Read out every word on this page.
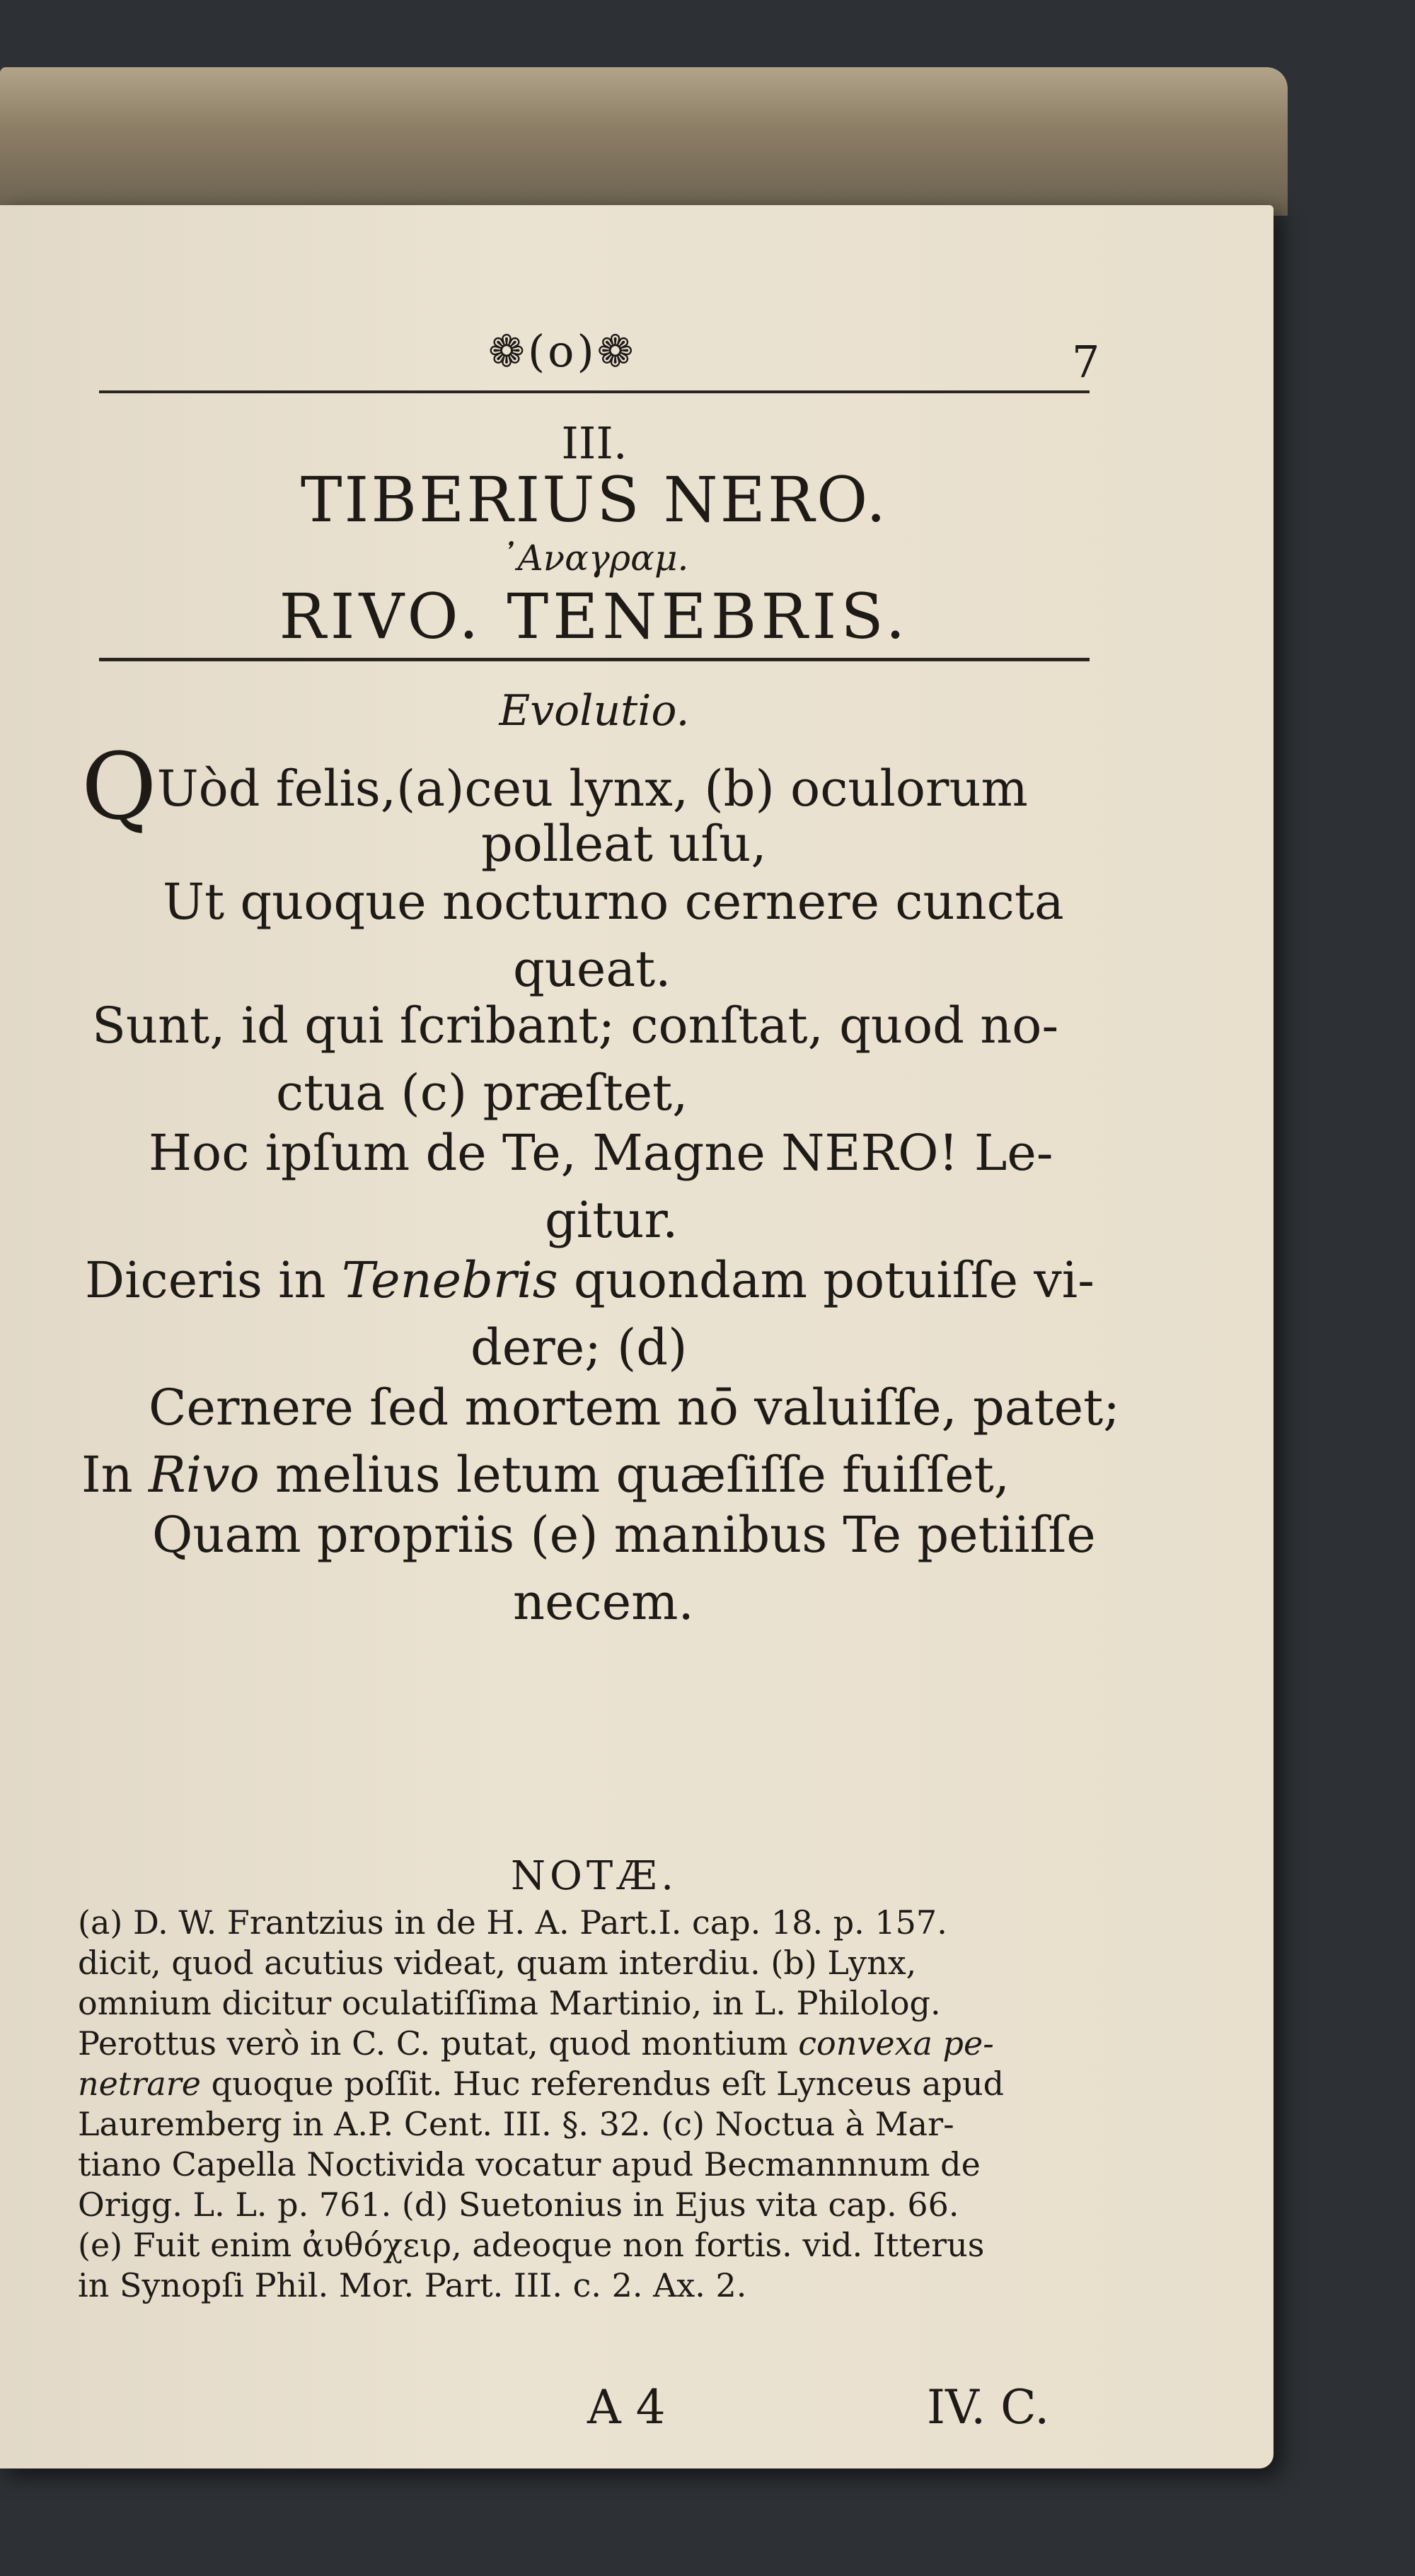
❁(o)❁	7
III.
TIBERIUS NERO.
᾿Αναγραμ.
RIVO. TENEBRIS.
Evolutio.
QUòd felis,(a)ceu lynx, (b) oculorum
polleat uſu,
Ut quoque nocturno cernere cuncta
queat.
Sunt, id qui ſcribant; conſtat, quod no-
ctua (c) præſtet,
Hoc ipſum de Te, Magne NERO! Le-
gitur.
Diceris in Tenebris quondam potuiſſe vi-
dere; (d)
Cernere ſed mortem nō valuiſſe, patet;
In Rivo melius letum quæſiſſe fuiſſet,
Quam propriis (e) manibus Te petiiſſe
necem.
NOTÆ.
(a) D. W. Frantzius in de H. A. Part.I. cap. 18. p. 157.
dicit, quod acutius videat, quam interdiu. (b) Lynx,
omnium dicitur oculatiſſima Martinio, in L. Philolog.
Perottus verò in C. C. putat, quod montium convexa pe-
netrare quoque poſſit. Huc referendus eſt Lynceus apud
Lauremberg in A.P. Cent. III. §. 32. (c) Noctua à Mar-
tiano Capella Noctivida vocatur apud Becmannnum de
Origg. L. L. p. 761. (d) Suetonius in Ejus vita cap. 66.
(e) Fuit enim ἀυθόχειρ, adeoque non fortis. vid. Itterus
in Synopſi Phil. Mor. Part. III. c. 2. Ax. 2.
A 4	IV. C.
